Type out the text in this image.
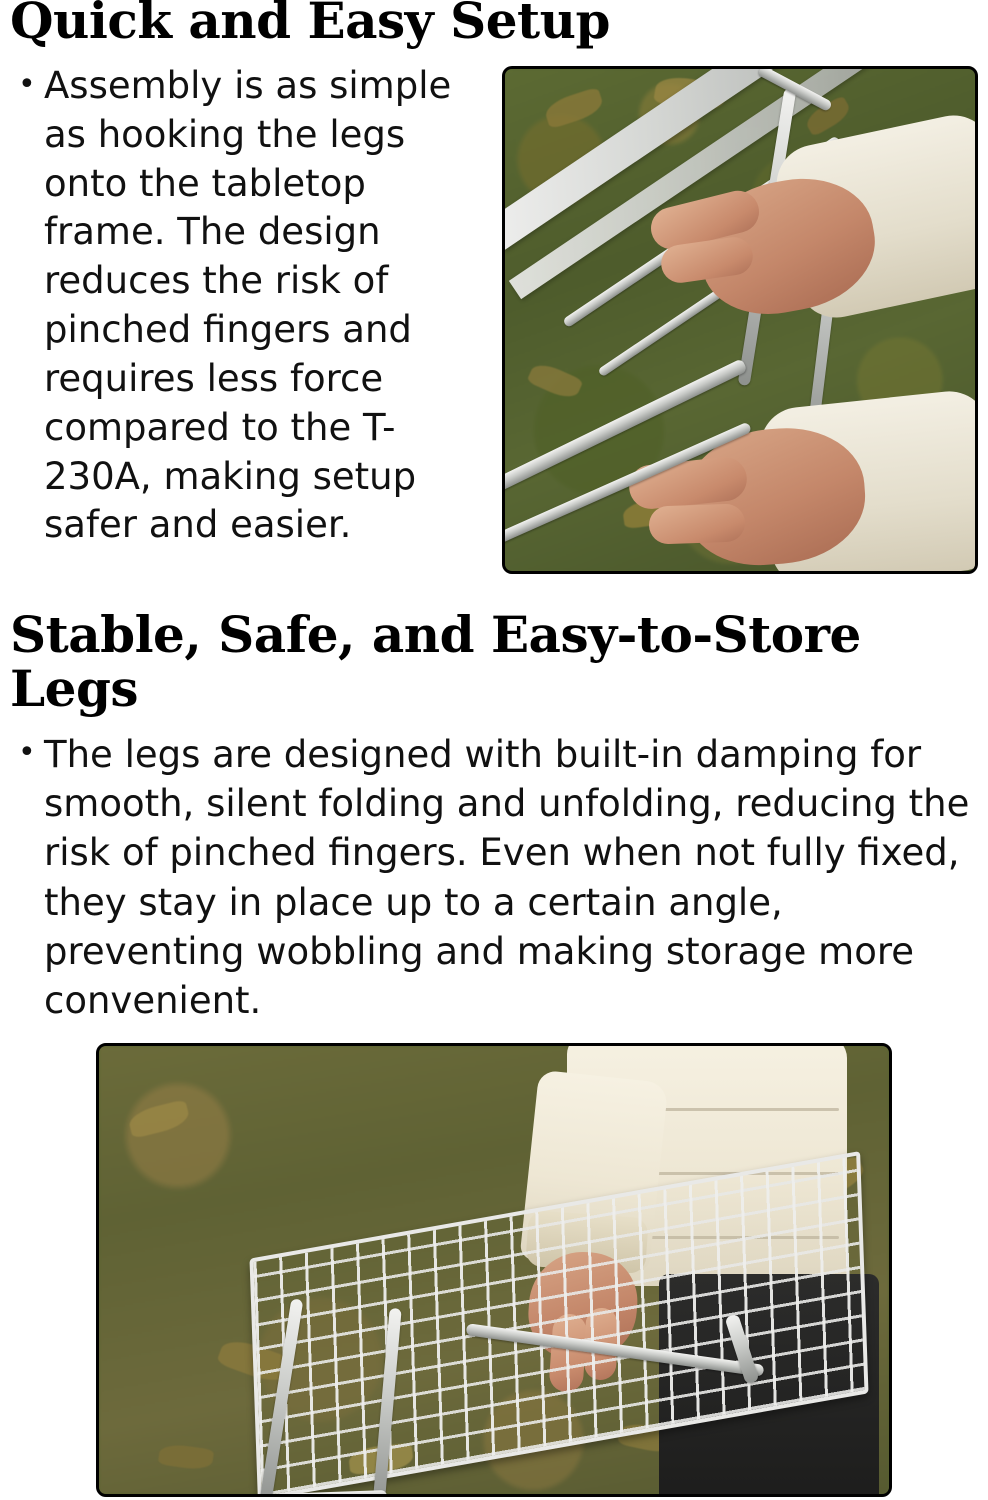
Quick and Easy Setup
• Assembly is as simple as hooking the legs onto the tabletop frame. The design reduces the risk of pinched fingers and requires less force compared to the T-230A, making setup safer and easier.
Stable, Safe, and Easy-to-Store Legs
• The legs are designed with built-in damping for smooth, silent folding and unfolding, reducing the risk of pinched fingers. Even when not fully fixed, they stay in place up to a certain angle, preventing wobbling and making storage more convenient.
